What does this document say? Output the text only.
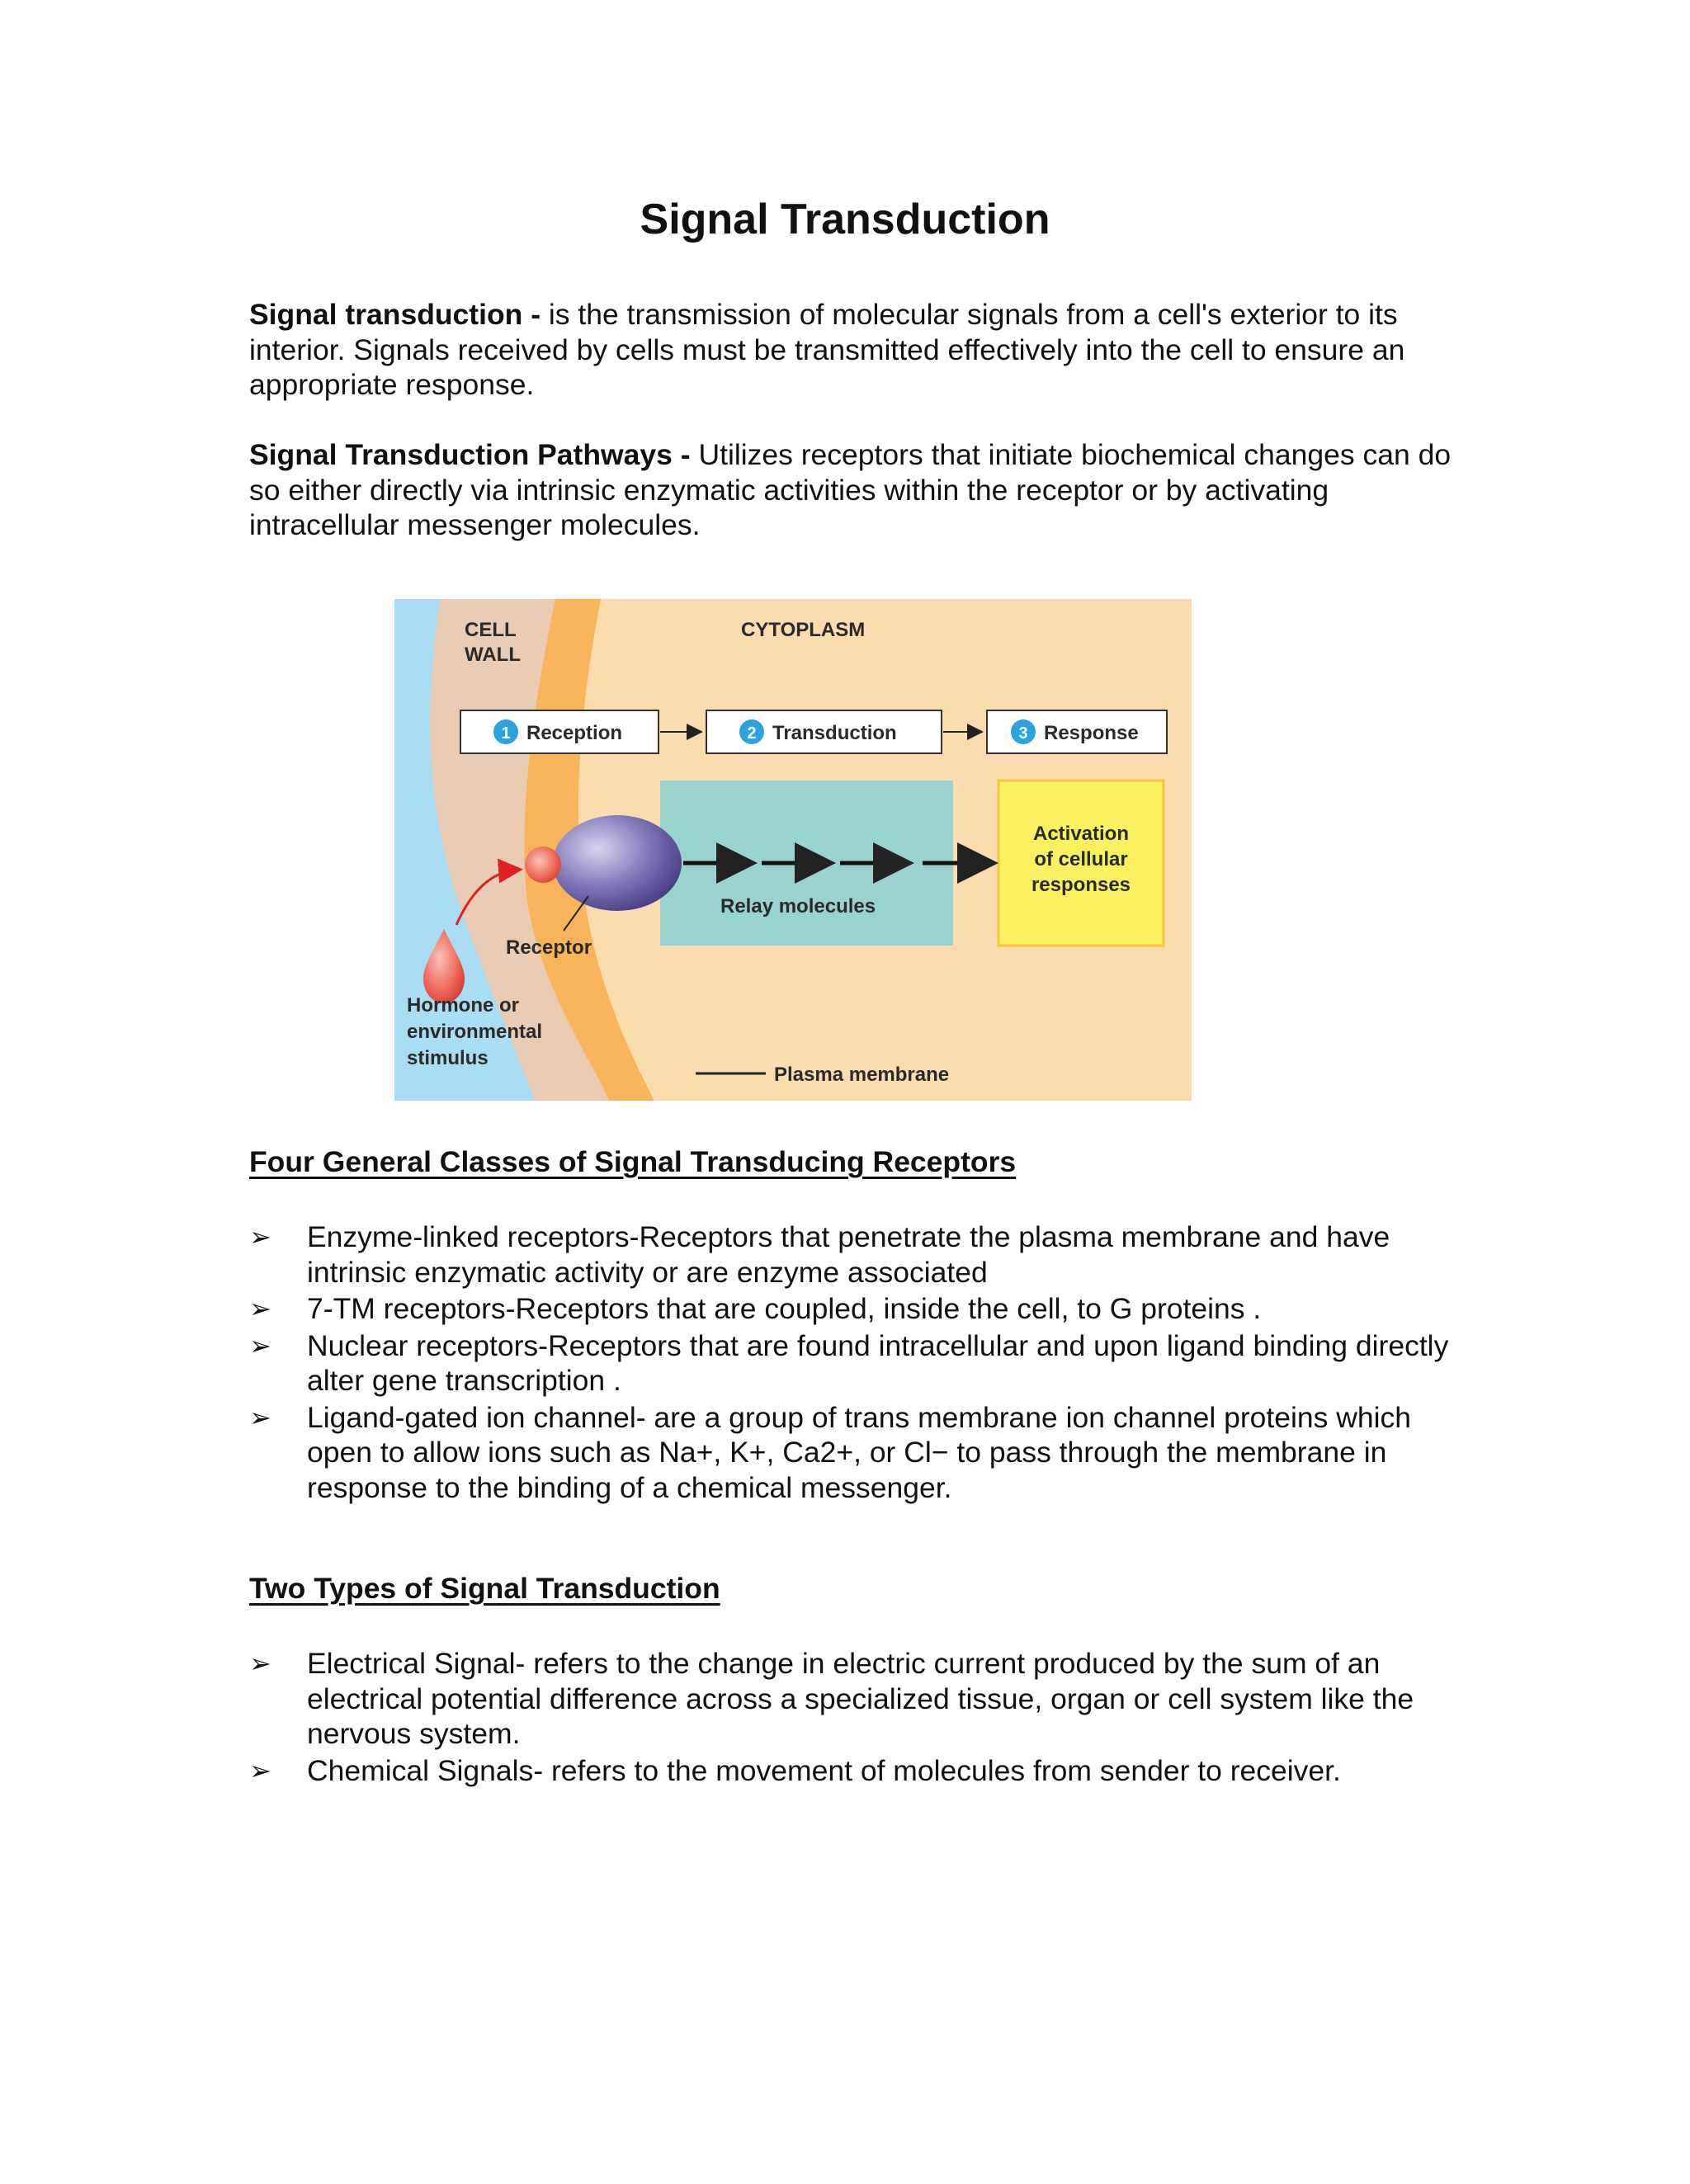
Signal Transduction
Signal transduction - is the transmission of molecular signals from a cell's exterior to its interior. Signals received by cells must be transmitted effectively into the cell to ensure an appropriate response.
Signal Transduction Pathways - Utilizes receptors that initiate biochemical changes can do so either directly via intrinsic enzymatic activities within the receptor or by activating intracellular messenger molecules.
CELL
WALL
CYTOPLASM
1 Reception	2 Transduction	3 Response
Relay molecules
Activation
of cellular
responses
Receptor
Hormone or
environmental
stimulus
Plasma membrane
Four General Classes of Signal Transducing Receptors
➢ Enzyme-linked receptors-Receptors that penetrate the plasma membrane and have intrinsic enzymatic activity or are enzyme associated
➢ 7-TM receptors-Receptors that are coupled, inside the cell, to G proteins .
➢ Nuclear receptors-Receptors that are found intracellular and upon ligand binding directly alter gene transcription .
➢ Ligand-gated ion channel- are a group of trans membrane ion channel proteins which open to allow ions such as Na+, K+, Ca2+, or Cl− to pass through the membrane in response to the binding of a chemical messenger.
Two Types of Signal Transduction
➢ Electrical Signal- refers to the change in electric current produced by the sum of an electrical potential difference across a specialized tissue, organ or cell system like the nervous system.
➢ Chemical Signals- refers to the movement of molecules from sender to receiver.
